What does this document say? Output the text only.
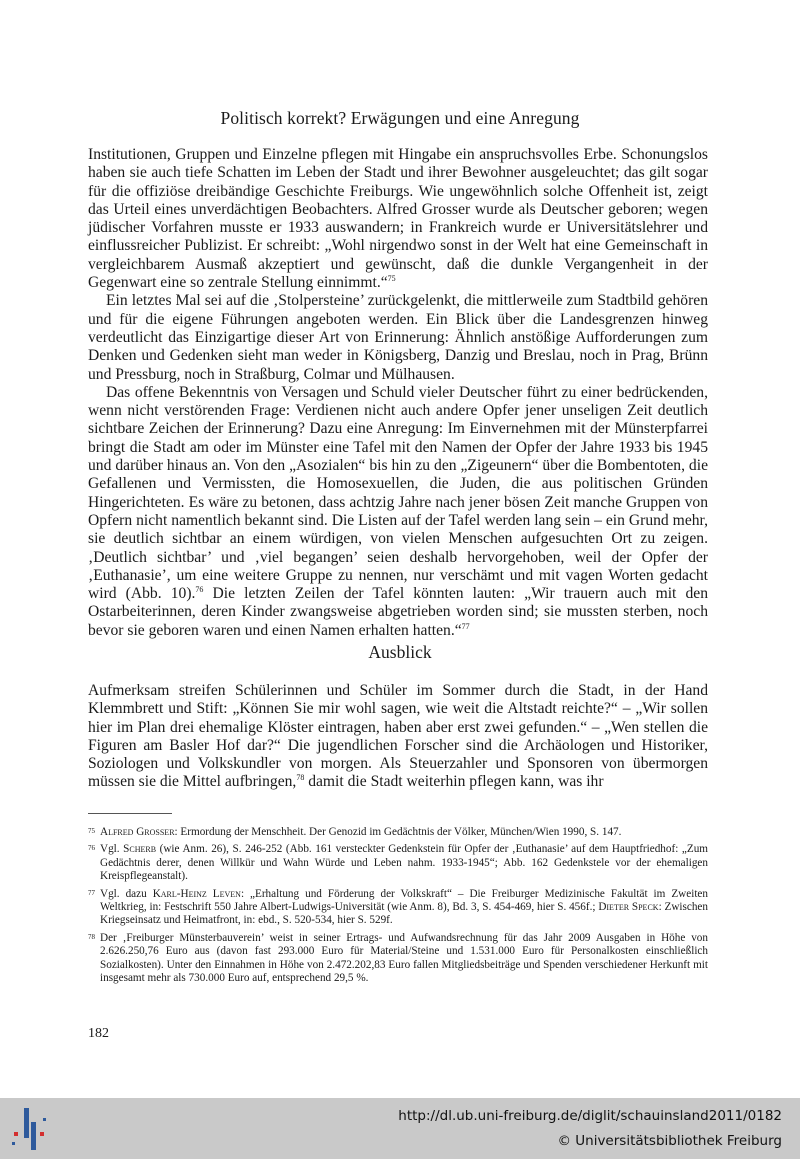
Politisch korrekt? Erwägungen und eine Anregung

Institutionen, Gruppen und Einzelne pflegen mit Hingabe ein anspruchsvolles Erbe. Schonungslos haben sie auch tiefe Schatten im Leben der Stadt und ihrer Bewohner ausgeleuchtet; das gilt sogar für die offiziöse dreibändige Geschichte Freiburgs. Wie ungewöhnlich solche Offenheit ist, zeigt das Urteil eines unverdächtigen Beobachters. Alfred Grosser wurde als Deutscher geboren; wegen jüdischer Vorfahren musste er 1933 auswandern; in Frankreich wurde er Universitätslehrer und einflussreicher Publizist. Er schreibt: „Wohl nirgendwo sonst in der Welt hat eine Gemeinschaft in vergleichbarem Ausmaß akzeptiert und gewünscht, daß die dunkle Vergangenheit in der Gegenwart eine so zentrale Stellung einnimmt.“$^{75}$

Ein letztes Mal sei auf die ‚Stolpersteine’ zurückgelenkt, die mittlerweile zum Stadtbild gehören und für die eigene Führungen angeboten werden. Ein Blick über die Landesgrenzen hinweg verdeutlicht das Einzigartige dieser Art von Erinnerung: Ähnlich anstößige Aufforderungen zum Denken und Gedenken sieht man weder in Königsberg, Danzig und Breslau, noch in Prag, Brünn und Pressburg, noch in Straßburg, Colmar und Mülhausen.

Das offene Bekenntnis von Versagen und Schuld vieler Deutscher führt zu einer bedrückenden, wenn nicht verstörenden Frage: Verdienen nicht auch andere Opfer jener unseligen Zeit deutlich sichtbare Zeichen der Erinnerung? Dazu eine Anregung: Im Einvernehmen mit der Münsterpfarrei bringt die Stadt am oder im Münster eine Tafel mit den Namen der Opfer der Jahre 1933 bis 1945 und darüber hinaus an. Von den „Asozialen“ bis hin zu den „Zigeunern“ über die Bombentoten, die Gefallenen und Vermissten, die Homosexuellen, die Juden, die aus politischen Gründen Hingerichteten. Es wäre zu betonen, dass achtzig Jahre nach jener bösen Zeit manche Gruppen von Opfern nicht namentlich bekannt sind. Die Listen auf der Tafel werden lang sein – ein Grund mehr, sie deutlich sichtbar an einem würdigen, von vielen Menschen aufgesuchten Ort zu zeigen. ‚Deutlich sichtbar’ und ‚viel begangen’ seien deshalb hervorgehoben, weil der Opfer der ‚Euthanasie’, um eine weitere Gruppe zu nennen, nur verschämt und mit vagen Worten gedacht wird (Abb. 10).$^{76}$ Die letzten Zeilen der Tafel könnten lauten: „Wir trauern auch mit den Ostarbeiterinnen, deren Kinder zwangsweise abgetrieben worden sind; sie mussten sterben, noch bevor sie geboren waren und einen Namen erhalten hatten.“$^{77}$

Ausblick

Aufmerksam streifen Schülerinnen und Schüler im Sommer durch die Stadt, in der Hand Klemmbrett und Stift: „Können Sie mir wohl sagen, wie weit die Altstadt reichte?“ – „Wir sollen hier im Plan drei ehemalige Klöster eintragen, haben aber erst zwei gefunden.“ – „Wen stellen die Figuren am Basler Hof dar?“ Die jugendlichen Forscher sind die Archäologen und Historiker, Soziologen und Volkskundler von morgen. Als Steuerzahler und Sponsoren von übermorgen müssen sie die Mittel aufbringen,$^{78}$ damit die Stadt weiterhin pflegen kann, was ihr

75 Alfred Grosser: Ermordung der Menschheit. Der Genozid im Gedächtnis der Völker, München/Wien 1990, S. 147.
76 Vgl. Scherb (wie Anm. 26), S. 246-252 (Abb. 161 versteckter Gedenkstein für Opfer der ‚Euthanasie’ auf dem Hauptfriedhof: „Zum Gedächtnis derer, denen Willkür und Wahn Würde und Leben nahm. 1933-1945“; Abb. 162 Gedenkstele vor der ehemaligen Kreispflegeanstalt).
77 Vgl. dazu Karl-Heinz Leven: „Erhaltung und Förderung der Volkskraft“ – Die Freiburger Medizinische Fakultät im Zweiten Weltkrieg, in: Festschrift 550 Jahre Albert-Ludwigs-Universität (wie Anm. 8), Bd. 3, S. 454-469, hier S. 456f.; Dieter Speck: Zwischen Kriegseinsatz und Heimatfront, in: ebd., S. 520-534, hier S. 529f.
78 Der ‚Freiburger Münsterbauverein’ weist in seiner Ertrags- und Aufwandsrechnung für das Jahr 2009 Ausgaben in Höhe von 2.626.250,76 Euro aus (davon fast 293.000 Euro für Material/Steine und 1.531.000 Euro für Personalkosten einschließlich Sozialkosten). Unter den Einnahmen in Höhe von 2.472.202,83 Euro fallen Mitgliedsbeiträge und Spenden verschiedener Herkunft mit insgesamt mehr als 730.000 Euro auf, entsprechend 29,5 %.
182
http://dl.ub.uni-freiburg.de/diglit/schauinsland2011/0182
© Universitätsbibliothek Freiburg
